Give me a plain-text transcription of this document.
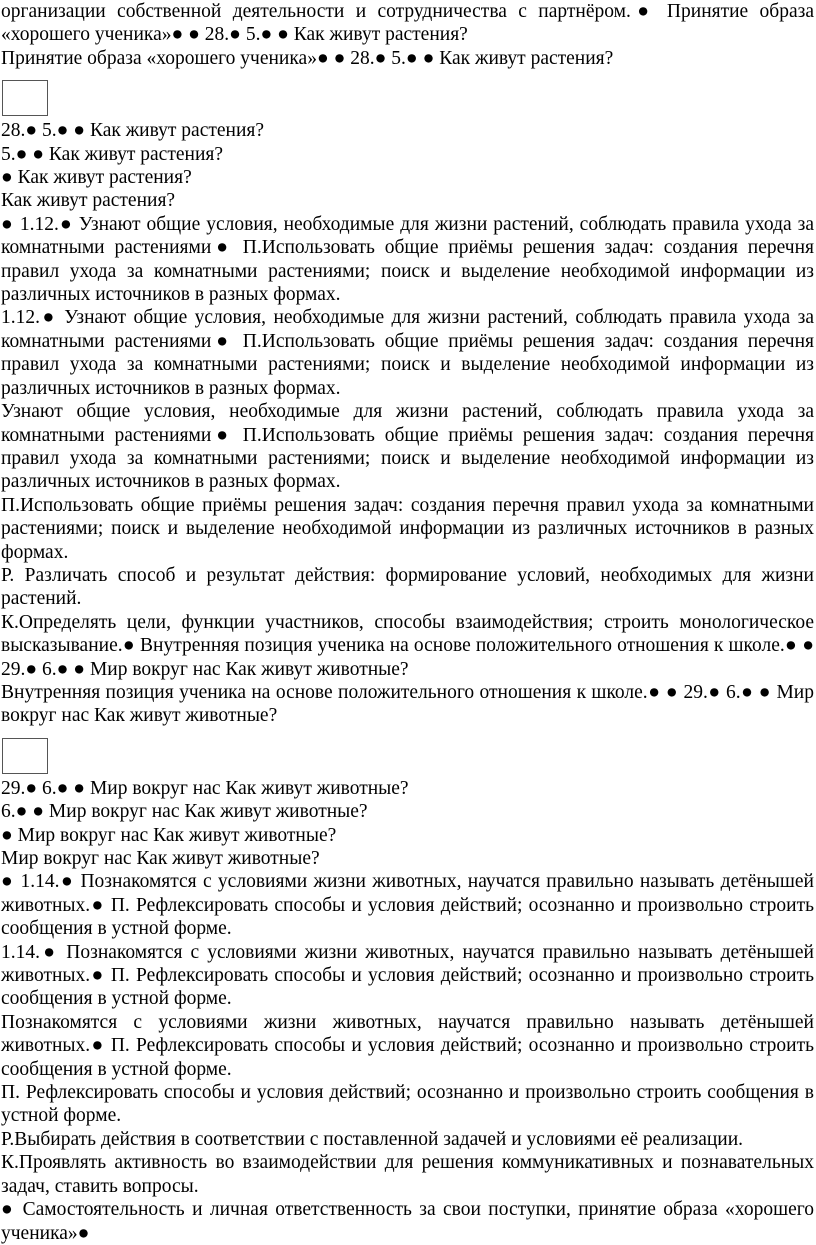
организации собственной деятельности и сотрудничества с партнёром.● Принятие образа «хорошего ученика»● ● 28.● 5.● ● Как живут растения?

Принятие образа «хорошего ученика»● ● 28.● 5.● ● Как живут растения?

28.● 5.● ● Как живут растения?

5.● ● Как живут растения?

● Как живут растения?

Как живут растения?

● 1.12.● Узнают общие условия, необходимые для жизни растений, соблюдать правила ухода за комнатными растениями● П.Использовать общие приёмы решения задач: создания перечня правил ухода за комнатными растениями; поиск и выделение необходимой информации из различных источников в разных формах.

1.12.● Узнают общие условия, необходимые для жизни растений, соблюдать правила ухода за комнатными растениями● П.Использовать общие приёмы решения задач: создания перечня правил ухода за комнатными растениями; поиск и выделение необходимой информации из различных источников в разных формах.

Узнают общие условия, необходимые для жизни растений, соблюдать правила ухода за комнатными растениями● П.Использовать общие приёмы решения задач: создания перечня правил ухода за комнатными растениями; поиск и выделение необходимой информации из различных источников в разных формах.

П.Использовать общие приёмы решения задач: создания перечня правил ухода за комнатными растениями; поиск и выделение необходимой информации из различных источников в разных формах.

Р. Различать способ и результат действия: формирование условий, необходимых для жизни растений.

К.Определять цели, функции участников, способы взаимодействия; строить монологическое высказывание.● Внутренняя позиция ученика на основе положительного отношения к школе.● ● 29.● 6.● ● Мир вокруг нас Как живут животные?

Внутренняя позиция ученика на основе положительного отношения к школе.● ● 29.● 6.● ● Мир вокруг нас Как живут животные?

29.● 6.● ● Мир вокруг нас Как живут животные?

6.● ● Мир вокруг нас Как живут животные?

● Мир вокруг нас Как живут животные?

Мир вокруг нас Как живут животные?

● 1.14.● Познакомятся с условиями жизни животных, научатся правильно называть детёнышей животных.● П. Рефлексировать способы и условия действий; осознанно и произвольно строить сообщения в устной форме.

1.14.● Познакомятся с условиями жизни животных, научатся правильно называть детёнышей животных.● П. Рефлексировать способы и условия действий; осознанно и произвольно строить сообщения в устной форме.

Познакомятся с условиями жизни животных, научатся правильно называть детёнышей животных.● П. Рефлексировать способы и условия действий; осознанно и произвольно строить сообщения в устной форме.

П. Рефлексировать способы и условия действий; осознанно и произвольно строить сообщения в устной форме.

Р.Выбирать действия в соответствии с поставленной задачей и условиями её реализации.

К.Проявлять активность во взаимодействии для решения коммуникативных и познавательных задач, ставить вопросы.

● Самостоятельность и личная ответственность за свои поступки, принятие образа «хорошего ученика»●
